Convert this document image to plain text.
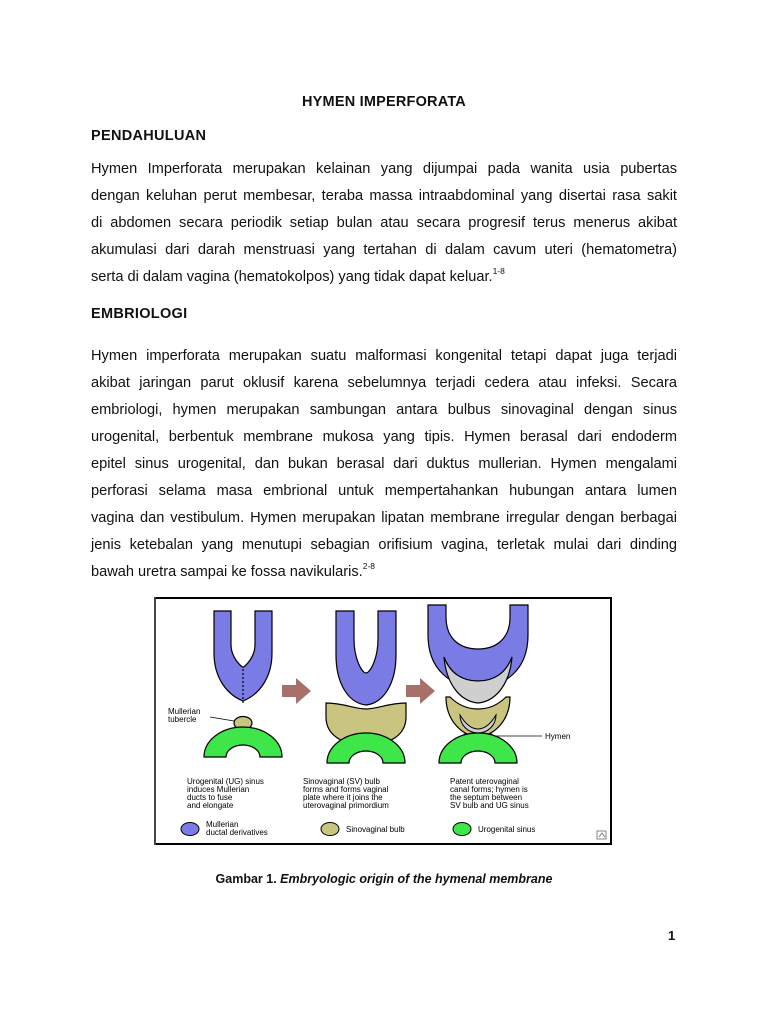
HYMEN IMPERFORATA
PENDAHULUAN
Hymen Imperforata merupakan kelainan yang dijumpai pada wanita usia pubertas
dengan keluhan perut membesar, teraba massa intraabdominal yang disertai rasa sakit
di abdomen secara periodik setiap bulan atau secara progresif terus menerus akibat
akumulasi dari darah menstruasi yang tertahan di dalam cavum uteri (hematometra)
serta di dalam vagina (hematokolpos) yang tidak dapat keluar.$^{1-8}$
EMBRIOLOGI
Hymen imperforata merupakan suatu malformasi kongenital tetapi dapat juga terjadi
akibat jaringan parut oklusif karena sebelumnya terjadi cedera atau infeksi. Secara
embriologi, hymen merupakan sambungan antara bulbus sinovaginal dengan sinus
urogenital, berbentuk membrane mukosa yang tipis. Hymen berasal dari endoderm
epitel sinus urogenital, dan bukan berasal dari duktus mullerian. Hymen mengalami
perforasi selama masa embrional untuk mempertahankan hubungan antara lumen
vagina dan vestibulum. Hymen merupakan lipatan membrane irregular dengan berbagai
jenis ketebalan yang menutupi sebagian orifisium vagina, terletak mulai dari dinding
bawah uretra sampai ke fossa navikularis.$^{2-8}$
Mullerian
tubercle
Hymen
Urogenital (UG) sinus
induces Mullerian
ducts to fuse
and elongate
Sinovaginal (SV) bulb
forms and forms vaginal
plate where it joins the
uterovaginal primordium
Patent uterovaginal
canal forms; hymen is
the septum between
SV bulb and UG sinus
Mullerian
ductal derivatives	Sinovaginal bulb	Urogenital sinus
Gambar 1. Embryologic origin of the hymenal membrane
1
